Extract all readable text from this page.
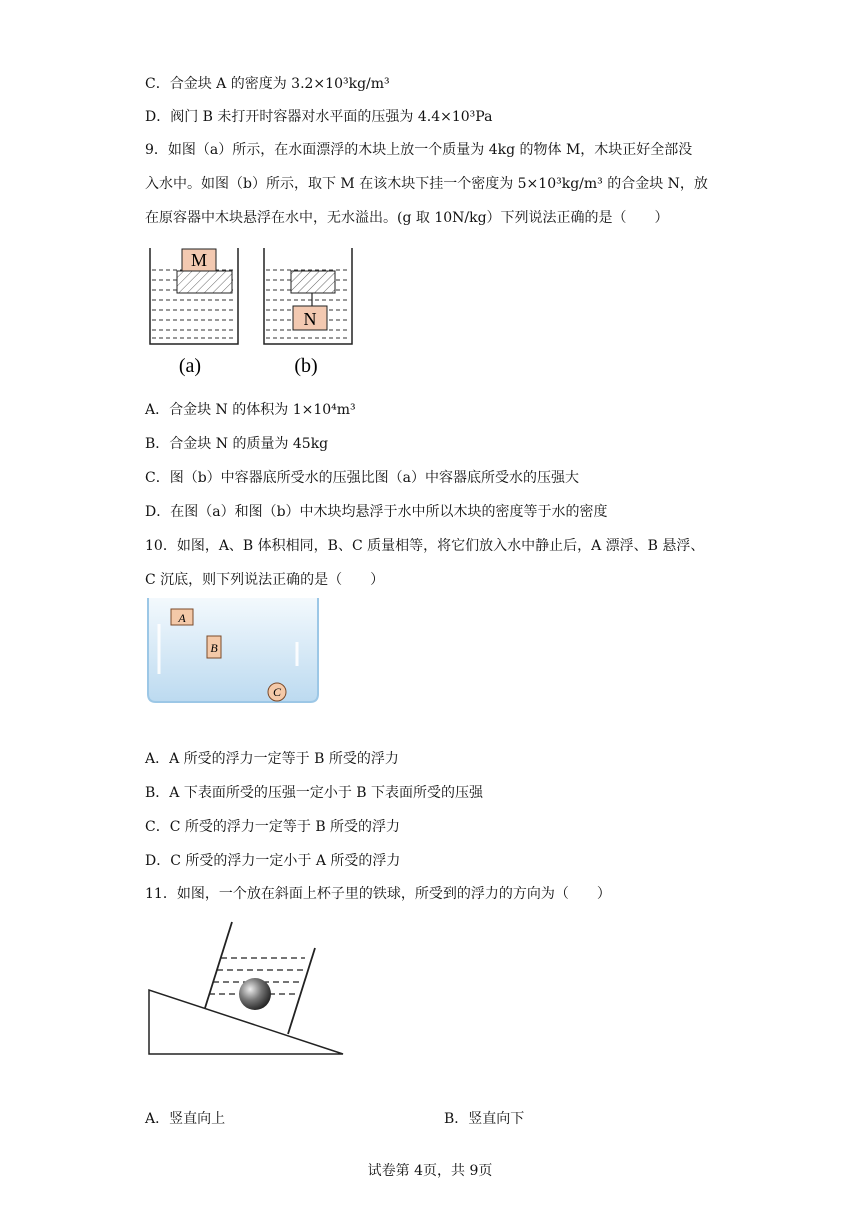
C．合金块 A 的密度为 3.2×10³kg/m³
D．阀门 B 未打开时容器对水平面的压强为 4.4×10³Pa
9．如图（a）所示，在水面漂浮的木块上放一个质量为 4kg 的物体 M，木块正好全部没
入水中。如图（b）所示，取下 M 在该木块下挂一个密度为 5×10³kg/m³ 的合金块 N，放
在原容器中木块悬浮在水中，无水溢出。(g 取 10N/kg）下列说法正确的是（　　）
M
N
(a)	(b)
A．合金块 N 的体积为 1×10⁴m³
B．合金块 N 的质量为 45kg
C．图（b）中容器底所受水的压强比图（a）中容器底所受水的压强大
D．在图（a）和图（b）中木块均悬浮于水中所以木块的密度等于水的密度
10．如图，A、B 体积相同，B、C 质量相等，将它们放入水中静止后，A 漂浮、B 悬浮、
C 沉底，则下列说法正确的是（　　）
A
B
C
A．A 所受的浮力一定等于 B 所受的浮力
B．A 下表面所受的压强一定小于 B 下表面所受的压强
C．C 所受的浮力一定等于 B 所受的浮力
D．C 所受的浮力一定小于 A 所受的浮力
11．如图，一个放在斜面上杯子里的铁球，所受到的浮力的方向为（　　）
A．竖直向上	B．竖直向下
试卷第 4页，共 9页
